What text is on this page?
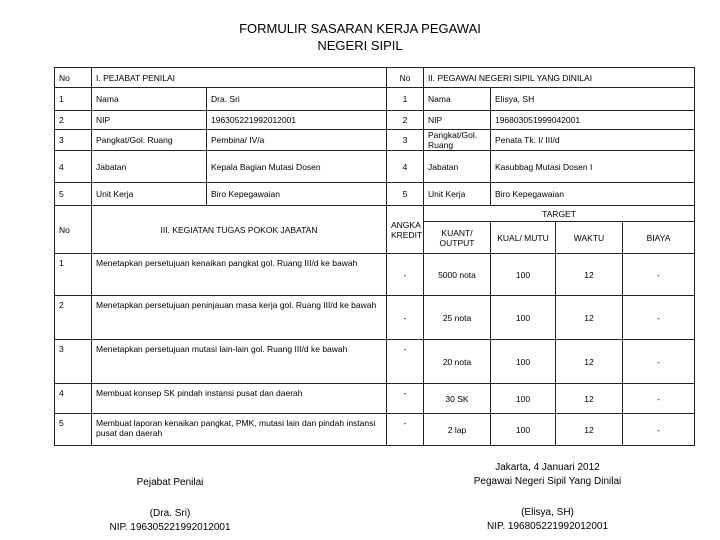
FORMULIR SASARAN KERJA PEGAWAI
NEGERI SIPIL
No	I. PEJABAT PENILAI		No	II. PEGAWAI NEGERI SIPIL YANG DINILAI			
1	Nama	Dra. Sri	1	Nama	Elisya, SH		
2	NIP	196305221992012001	2	NIP	196803051999042001		
3	Pangkat/Gol. Ruang	Pembina/ IV/a	3	Pangkat/Gol. Ruang	Penata Tk. I/ III/d		
4	Jabatan	Kepala Bagian Mutasi Dosen	4	Jabatan	Kasubbag Mutasi Dosen I		
5	Unit Kerja	Biro Kepegawaian	5	Unit Kerja	Biro Kepegawaian		
No	III. KEGIATAN TUGAS POKOK JABATAN		ANGKA KREDIT	TARGET			
				KUANT/ OUTPUT	KUAL/ MUTU	WAKTU	BIAYA
1	Menetapkan persetujuan kenaikan pangkat gol. Ruang III/d ke bawah		-	5000 nota	100	12	-
2	Menetapkan persetujuan peninjauan masa kerja gol. Ruang III/d ke bawah		-	25 nota	100	12	-
3	Menetapkan persetujuan mutasi lain-lain gol. Ruang III/d ke bawah		-	20 nota	100	12	-
4	Membuat konsep SK pindah instansi pusat dan daerah		-	30 SK	100	12	-
5	Membuat laporan kenaikan pangkat, PMK, mutasi lain dan pindah instansi pusat dan daerah		-	2 lap	100	12	-
Pejabat Penilai
(Dra. Sri)
NIP. 196305221992012001
Jakarta, 4 Januari 2012
Pegawai Negeri Sipil Yang Dinilai
(Elisya, SH)
NIP. 196805221992012001
